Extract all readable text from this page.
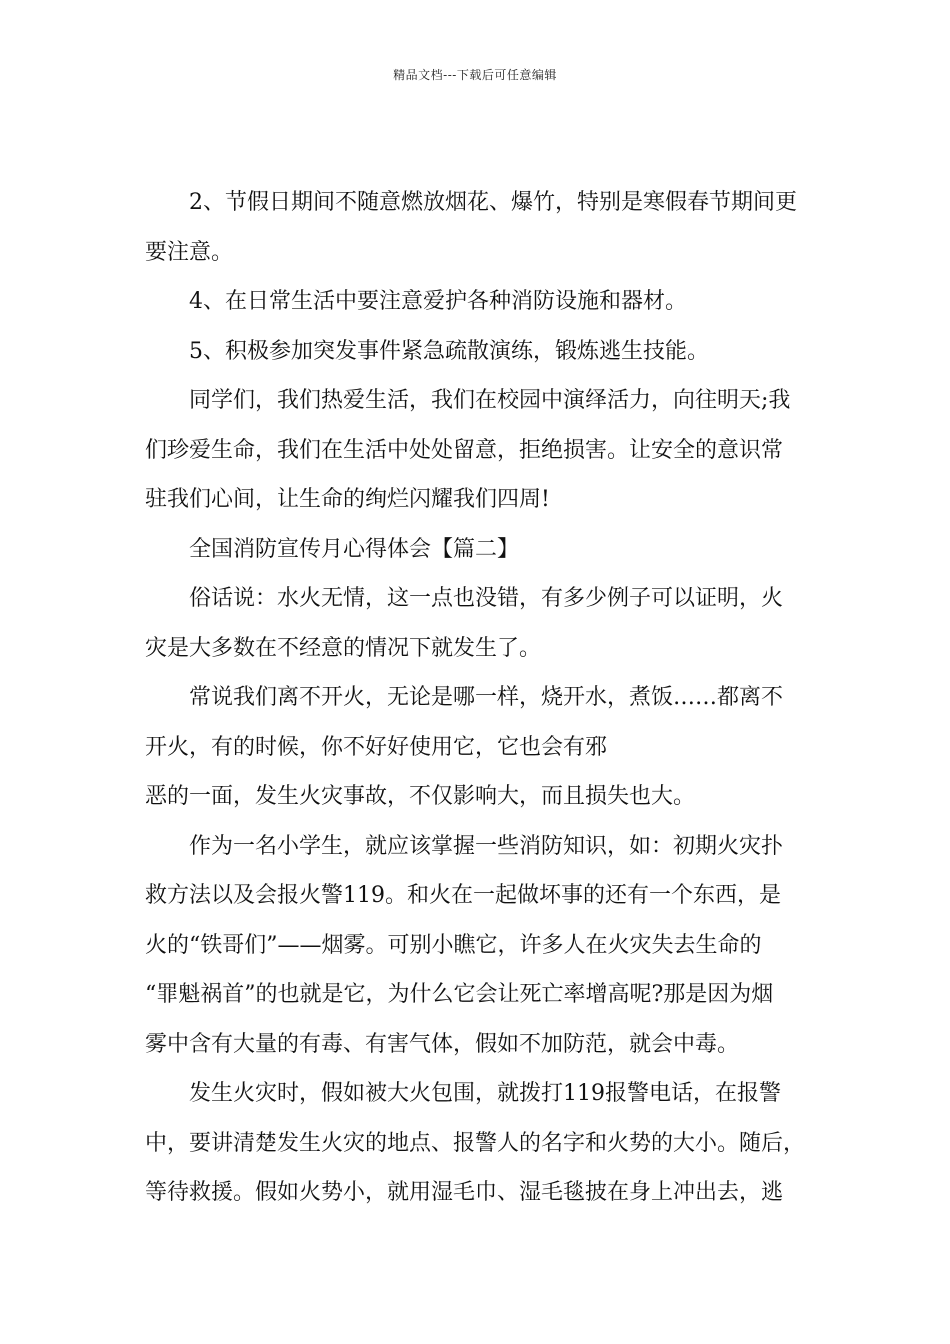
精品文档---下载后可任意编辑
2、节假日期间不随意燃放烟花、爆竹，特别是寒假春节期间更
要注意。
4、在日常生活中要注意爱护各种消防设施和器材。
5、积极参加突发事件紧急疏散演练，锻炼逃生技能。
同学们，我们热爱生活，我们在校园中演绎活力，向往明天;我
们珍爱生命，我们在生活中处处留意，拒绝损害。让安全的意识常
驻我们心间，让生命的绚烂闪耀我们四周!
全国消防宣传月心得体会【篇二】
俗话说：水火无情，这一点也没错，有多少例子可以证明，火
灾是大多数在不经意的情况下就发生了。
常说我们离不开火，无论是哪一样，烧开水，煮饭……都离不
开火，有的时候，你不好好使用它，它也会有邪
恶的一面，发生火灾事故，不仅影响大，而且损失也大。
作为一名小学生，就应该掌握一些消防知识，如：初期火灾扑
救方法以及会报火警119。和火在一起做坏事的还有一个东西，是
火的“铁哥们”——烟雾。可别小瞧它，许多人在火灾失去生命的
“罪魁祸首”的也就是它，为什么它会让死亡率增高呢?那是因为烟
雾中含有大量的有毒、有害气体，假如不加防范，就会中毒。
发生火灾时，假如被大火包围，就拨打119报警电话，在报警
中，要讲清楚发生火灾的地点、报警人的名字和火势的大小。随后，
等待救援。假如火势小，就用湿毛巾、湿毛毯披在身上冲出去，逃
